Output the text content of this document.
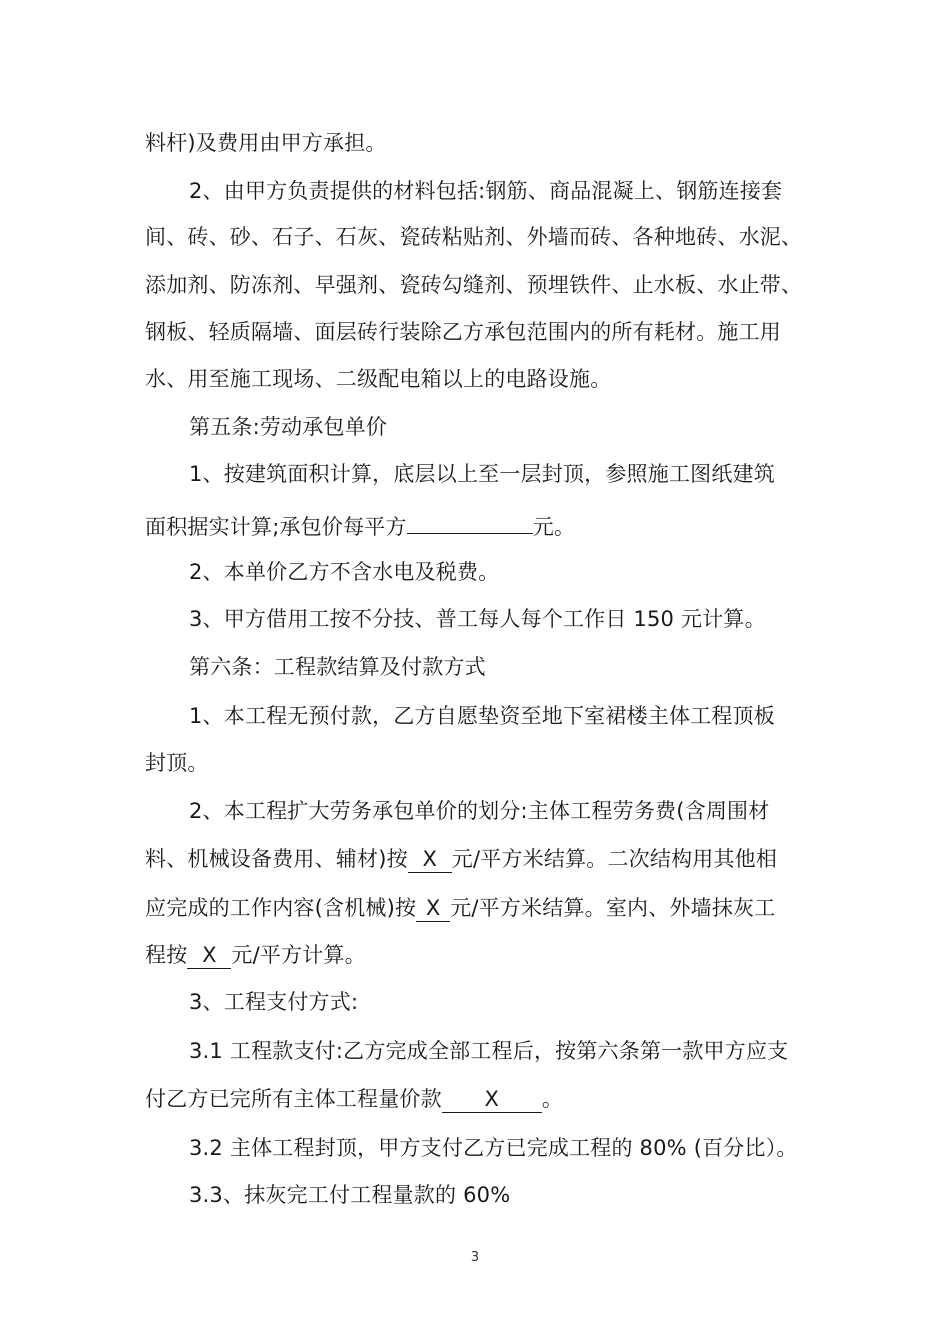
料杆)及费用由甲方承担。
2、由甲方负责提供的材料包括:钢筋、商品混凝上、钢筋连接套
间、砖、砂、石子、石灰、瓷砖粘贴剂、外墙而砖、各种地砖、水泥、
添加剂、防冻剂、早强剂、瓷砖勾缝剂、预埋铁件、止水板、水止带、
钢板、轻质隔墙、面层砖行装除乙方承包范围内的所有耗材。施工用
水、用至施工现场、二级配电箱以上的电路设施。
第五条:劳动承包单价
1、按建筑面积计算，底层以上至一层封顶，参照施工图纸建筑
面积据实计算;承包价每平方	元。
2、本单价乙方不含水电及税费。
3、甲方借用工按不分技、普工每人每个工作日 150 元计算。
第六条：工程款结算及付款方式
1、本工程无预付款，乙方自愿垫资至地下室裙楼主体工程顶板
封顶。
2、本工程扩大劳务承包单价的划分:主体工程劳务费(含周围材
料、机械设备费用、辅材)按 X 元/平方米结算。二次结构用其他相
应完成的工作内容(含机械)按 X 元/平方米结算。室内、外墙抹灰工
程按 X 元/平方计算。
3、工程支付方式:
3.1 工程款支付:乙方完成全部工程后，按第六条第一款甲方应支
付乙方已完所有主体工程量价款 X 。
3.2 主体工程封顶，甲方支付乙方已完成工程的 80% (百分比）。
3.3、抹灰完工付工程量款的 60%
3
